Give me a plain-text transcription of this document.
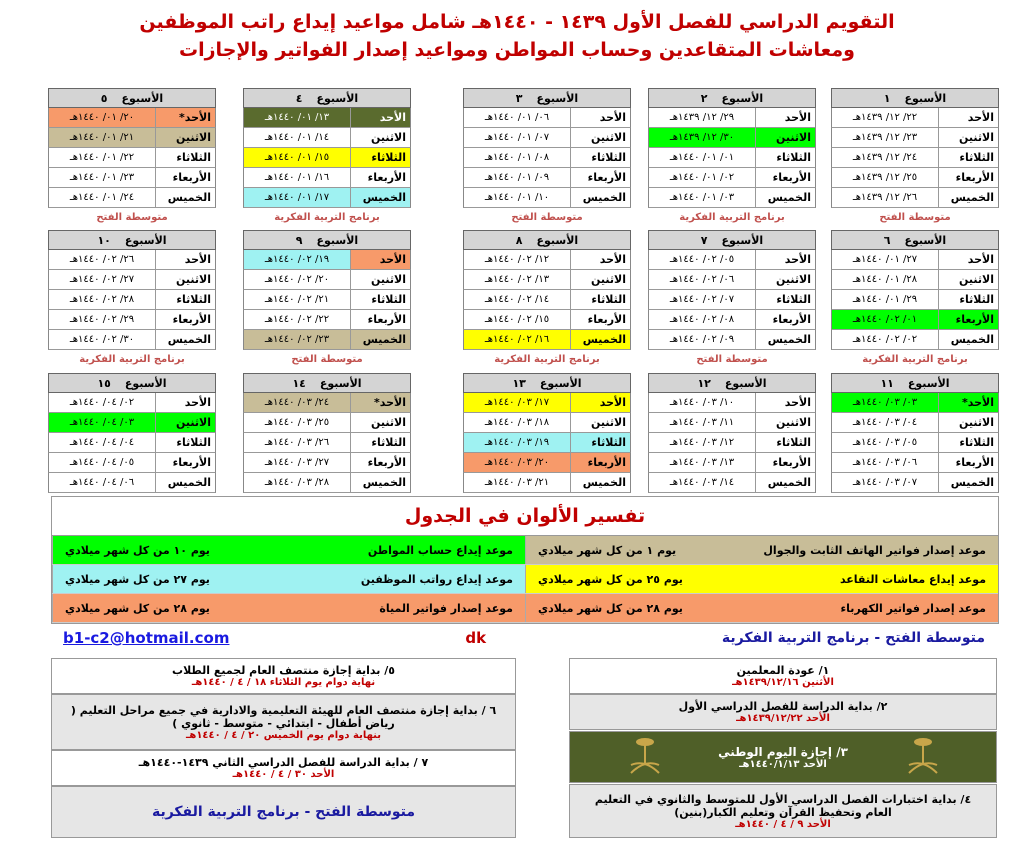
التقويم الدراسي للفصل الأول ١٤٣٩ - ١٤٤٠هـ شامل مواعيد إيداع راتب الموظفين
ومعاشات المتقاعدين وحساب المواطن ومواعيد إصدار الفواتير والإجازات
الأسبوع
١
الأحد
٢٢/ ١٢/ ١٤٣٩هـ
الاثنين
٢٣/ ١٢/ ١٤٣٩هـ
الثلاثاء
٢٤/ ١٢/ ١٤٣٩هـ
الأربعاء
٢٥/ ١٢/ ١٤٣٩هـ
الخميس
٢٦/ ١٢/ ١٤٣٩هـ
متوسطة الفتح
الأسبوع
٢
الأحد
٢٩/ ١٢/ ١٤٣٩هـ
الاثنين
٣٠/ ١٢/ ١٤٣٩هـ
الثلاثاء
٠١/ ٠١/ ١٤٤٠هـ
الأربعاء
٠٢/ ٠١/ ١٤٤٠هـ
الخميس
٠٣/ ٠١/ ١٤٤٠هـ
برنامج التربية الفكرية
الأسبوع
٣
الأحد
٠٦/ ٠١/ ١٤٤٠هـ
الاثنين
٠٧/ ٠١/ ١٤٤٠هـ
الثلاثاء
٠٨/ ٠١/ ١٤٤٠هـ
الأربعاء
٠٩/ ٠١/ ١٤٤٠هـ
الخميس
١٠/ ٠١/ ١٤٤٠هـ
متوسطة الفتح
الأسبوع
٤
الأحد
١٣/ ٠١/ ١٤٤٠هـ
الاثنين
١٤/ ٠١/ ١٤٤٠هـ
الثلاثاء
١٥/ ٠١/ ١٤٤٠هـ
الأربعاء
١٦/ ٠١/ ١٤٤٠هـ
الخميس
١٧/ ٠١/ ١٤٤٠هـ
برنامج التربية الفكرية
الأسبوع
٥
الأحد*
٢٠/ ٠١/ ١٤٤٠هـ
الاثنين
٢١/ ٠١/ ١٤٤٠هـ
الثلاثاء
٢٢/ ٠١/ ١٤٤٠هـ
الأربعاء
٢٣/ ٠١/ ١٤٤٠هـ
الخميس
٢٤/ ٠١/ ١٤٤٠هـ
متوسطة الفتح
الأسبوع
٦
الأحد
٢٧/ ٠١/ ١٤٤٠هـ
الاثنين
٢٨/ ٠١/ ١٤٤٠هـ
الثلاثاء
٢٩/ ٠١/ ١٤٤٠هـ
الأربعاء
٠١/ ٠٢/ ١٤٤٠هـ
الخميس
٠٢/ ٠٢/ ١٤٤٠هـ
برنامج التربية الفكرية
الأسبوع
٧
الأحد
٠٥/ ٠٢/ ١٤٤٠هـ
الاثنين
٠٦/ ٠٢/ ١٤٤٠هـ
الثلاثاء
٠٧/ ٠٢/ ١٤٤٠هـ
الأربعاء
٠٨/ ٠٢/ ١٤٤٠هـ
الخميس
٠٩/ ٠٢/ ١٤٤٠هـ
متوسطة الفتح
الأسبوع
٨
الأحد
١٢/ ٠٢/ ١٤٤٠هـ
الاثنين
١٣/ ٠٢/ ١٤٤٠هـ
الثلاثاء
١٤/ ٠٢/ ١٤٤٠هـ
الأربعاء
١٥/ ٠٢/ ١٤٤٠هـ
الخميس
١٦/ ٠٢/ ١٤٤٠هـ
برنامج التربية الفكرية
الأسبوع
٩
الأحد
١٩/ ٠٢/ ١٤٤٠هـ
الاثنين
٢٠/ ٠٢/ ١٤٤٠هـ
الثلاثاء
٢١/ ٠٢/ ١٤٤٠هـ
الأربعاء
٢٢/ ٠٢/ ١٤٤٠هـ
الخميس
٢٣/ ٠٢/ ١٤٤٠هـ
متوسطة الفتح
الأسبوع
١٠
الأحد
٢٦/ ٠٢/ ١٤٤٠هـ
الاثنين
٢٧/ ٠٢/ ١٤٤٠هـ
الثلاثاء
٢٨/ ٠٢/ ١٤٤٠هـ
الأربعاء
٢٩/ ٠٢/ ١٤٤٠هـ
الخميس
٣٠/ ٠٢/ ١٤٤٠هـ
برنامج التربية الفكرية
الأسبوع
١١
الأحد*
٠٣/ ٠٣/ ١٤٤٠هـ
الاثنين
٠٤/ ٠٣/ ١٤٤٠هـ
الثلاثاء
٠٥/ ٠٣/ ١٤٤٠هـ
الأربعاء
٠٦/ ٠٣/ ١٤٤٠هـ
الخميس
٠٧/ ٠٣/ ١٤٤٠هـ
الأسبوع
١٢
الأحد
١٠/ ٠٣/ ١٤٤٠هـ
الاثنين
١١/ ٠٣/ ١٤٤٠هـ
الثلاثاء
١٢/ ٠٣/ ١٤٤٠هـ
الأربعاء
١٣/ ٠٣/ ١٤٤٠هـ
الخميس
١٤/ ٠٣/ ١٤٤٠هـ
الأسبوع
١٣
الأحد
١٧/ ٠٣/ ١٤٤٠هـ
الاثنين
١٨/ ٠٣/ ١٤٤٠هـ
الثلاثاء
١٩/ ٠٣/ ١٤٤٠هـ
الأربعاء
٢٠/ ٠٣/ ١٤٤٠هـ
الخميس
٢١/ ٠٣/ ١٤٤٠هـ
الأسبوع
١٤
الأحد*
٢٤/ ٠٣/ ١٤٤٠هـ
الاثنين
٢٥/ ٠٣/ ١٤٤٠هـ
الثلاثاء
٢٦/ ٠٣/ ١٤٤٠هـ
الأربعاء
٢٧/ ٠٣/ ١٤٤٠هـ
الخميس
٢٨/ ٠٣/ ١٤٤٠هـ
الأسبوع
١٥
الأحد
٠٢/ ٠٤/ ١٤٤٠هـ
الاثنين
٠٣/ ٠٤/ ١٤٤٠هـ
الثلاثاء
٠٤/ ٠٤/ ١٤٤٠هـ
الأربعاء
٠٥/ ٠٤/ ١٤٤٠هـ
الخميس
٠٦/ ٠٤/ ١٤٤٠هـ
تفسير الألوان في الجدول
موعد إصدار فواتير الهاتف الثابت والجوال
يوم ١ من كل شهر ميلادي
موعد إيداع حساب المواطن
يوم ١٠ من كل شهر ميلادي
موعد إيداع معاشات التقاعد
يوم ٢٥ من كل شهر ميلادي
موعد إيداع رواتب الموظفين
يوم ٢٧ من كل شهر ميلادي
موعد إصدار فواتير الكهرباء
يوم ٢٨ من كل شهر ميلادي
موعد إصدار فواتير المياة
يوم ٢٨ من كل شهر ميلادي
متوسطة الفتح - برنامج التربية الفكرية
dk
b1-c2@hotmail.com
١/ عودة المعلمين
الأثنين ١٤٣٩/١٢/١٦هـ
٢/ بداية الدراسة للفصل الدراسي الأول
الأحد ١٤٣٩/١٢/٢٢هـ
٣/ إجازة اليوم الوطني
الأحد ١٤٤٠/١/١٣هـ
٤/ بداية اختبارات الفصل الدراسي الأول للمتوسط والثانوي في التعليم العام وتحفيظ القرآن وتعليم الكبار(بنين)
الأحد ٩ / ٤ / ١٤٤٠هـ
٥/ بداية إجازة منتصف العام لجميع الطلاب
نهاية دوام يوم الثلاثاء ١٨ / ٤ / ١٤٤٠هـ
٦ / بداية إجازة منتصف العام للهيئة التعليمية والادارية في جميع مراحل التعليم ( رياض أطفال - ابتدائي - متوسط - ثانوي )
بنهاية دوام يوم الخميس ٢٠ / ٤ / ١٤٤٠هـ
٧ / بداية الدراسة للفصل الدراسي الثاني ١٤٣٩-١٤٤٠هـ
الأحد ٣٠ / ٤ / ١٤٤٠هـ
متوسطة الفتح - برنامج التربية الفكرية
